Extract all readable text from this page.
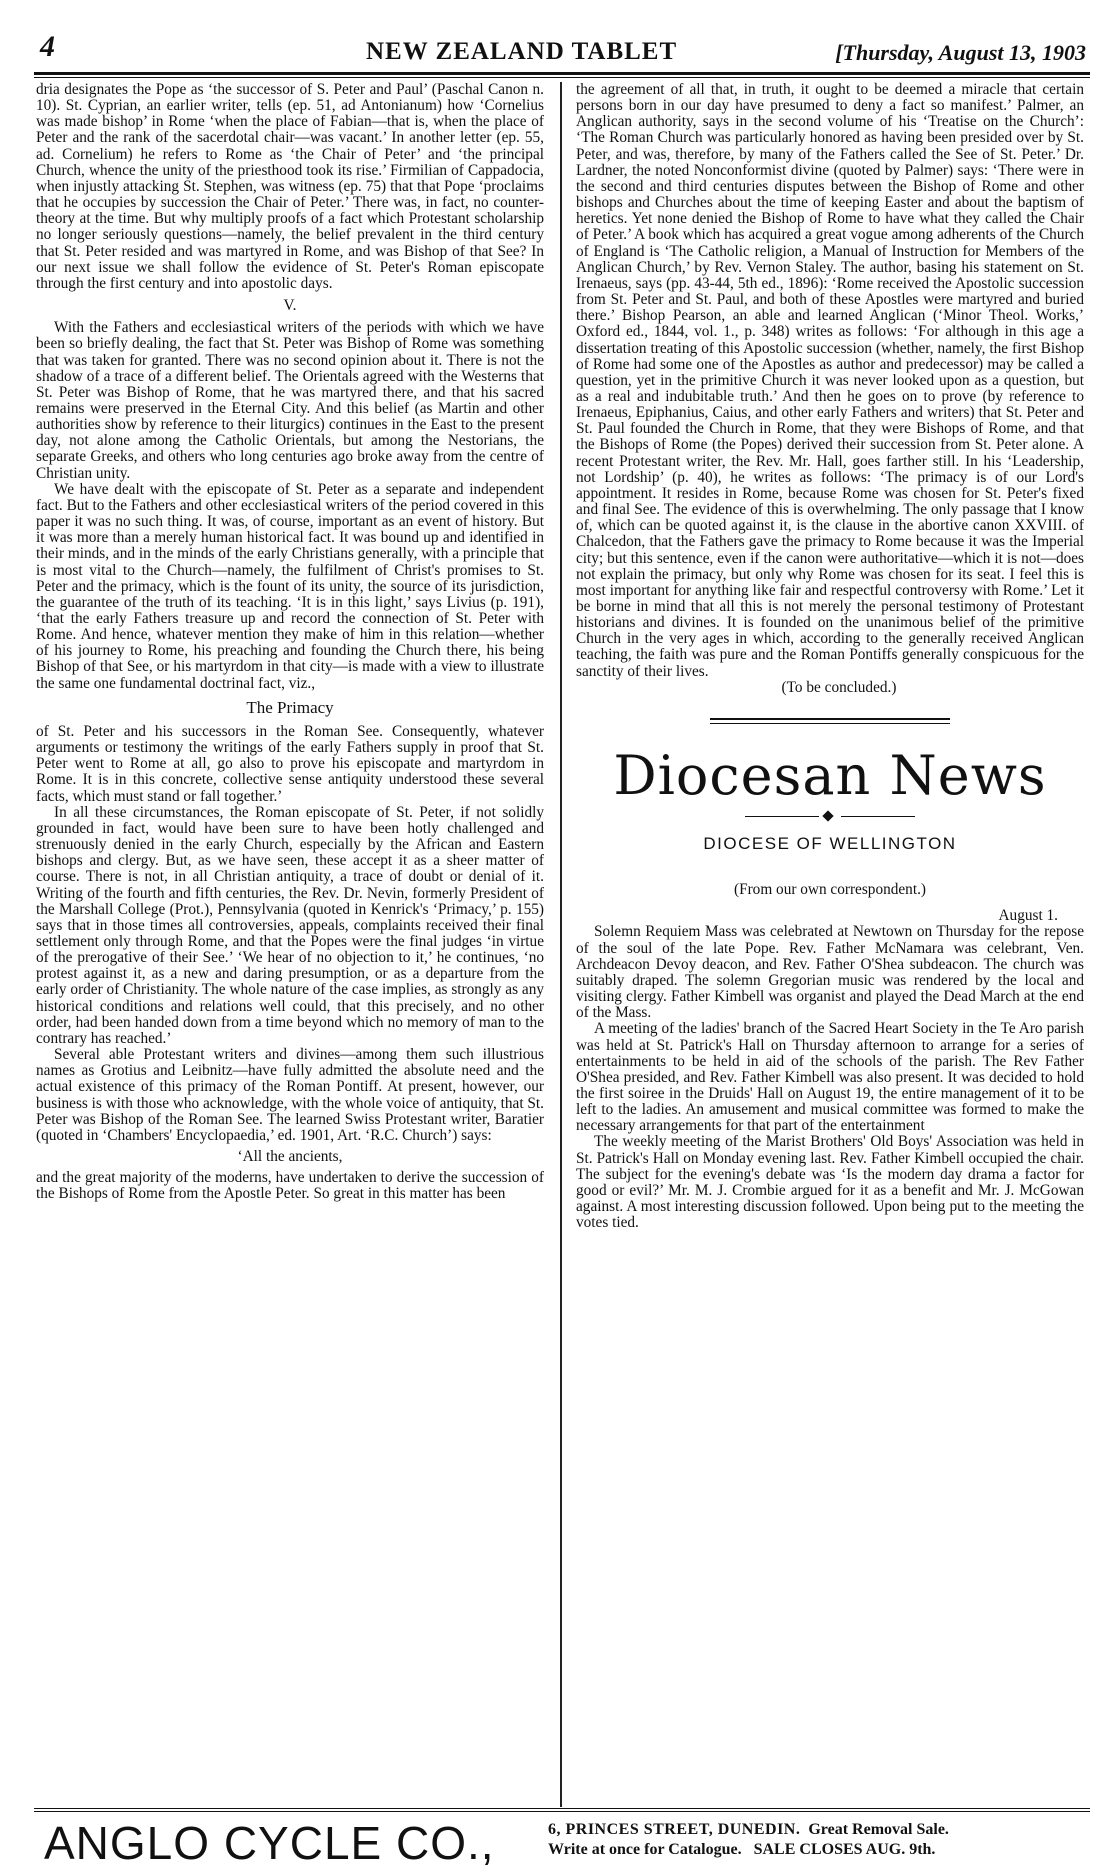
4	NEW ZEALAND TABLET	[Thursday, August 13, 1903

dria designates the Pope as ‘the successor of S. Peter and Paul’ (Paschal Canon n. 10). St. Cyprian, an earlier writer, tells (ep. 51, ad Antonianum) how ‘Cornelius was made bishop’ in Rome ‘when the place of Fabian—that is, when the place of Peter and the rank of the sacerdotal chair—was vacant.’ In another letter (ep. 55, ad. Cornelium) he refers to Rome as ‘the Chair of Peter’ and ‘the principal Church, whence the unity of the priesthood took its rise.’ Firmilian of Cappadocia, when injustly attacking St. Stephen, was witness (ep. 75) that that Pope ‘proclaims that he occupies by succession the Chair of Peter.’ There was, in fact, no counter-theory at the time. But why multiply proofs of a fact which Protestant scholarship no longer seriously questions—namely, the belief prevalent in the third century that St. Peter resided and was martyred in Rome, and was Bishop of that See? In our next issue we shall follow the evidence of St. Peter's Roman episcopate through the first century and into apostolic days.

V.

With the Fathers and ecclesiastical writers of the periods with which we have been so briefly dealing, the fact that St. Peter was Bishop of Rome was something that was taken for granted. There was no second opinion about it. There is not the shadow of a trace of a different belief. The Orientals agreed with the Westerns that St. Peter was Bishop of Rome, that he was martyred there, and that his sacred remains were preserved in the Eternal City. And this belief (as Martin and other authorities show by reference to their liturgics) continues in the East to the present day, not alone among the Catholic Orientals, but among the Nestorians, the separate Greeks, and others who long centuries ago broke away from the centre of Christian unity.

We have dealt with the episcopate of St. Peter as a separate and independent fact. But to the Fathers and other ecclesiastical writers of the period covered in this paper it was no such thing. It was, of course, important as an event of history. But it was more than a merely human historical fact. It was bound up and identified in their minds, and in the minds of the early Christians generally, with a principle that is most vital to the Church—namely, the fulfilment of Christ's promises to St. Peter and the primacy, which is the fount of its unity, the source of its jurisdiction, the guarantee of the truth of its teaching. ‘It is in this light,’ says Livius (p. 191), ‘that the early Fathers treasure up and record the connection of St. Peter with Rome. And hence, whatever mention they make of him in this relation—whether of his journey to Rome, his preaching and founding the Church there, his being Bishop of that See, or his martyrdom in that city—is made with a view to illustrate the same one fundamental doctrinal fact, viz.,

The Primacy

of St. Peter and his successors in the Roman See. Consequently, whatever arguments or testimony the writings of the early Fathers supply in proof that St. Peter went to Rome at all, go also to prove his episcopate and martyrdom in Rome. It is in this concrete, collective sense antiquity understood these several facts, which must stand or fall together.’

In all these circumstances, the Roman episcopate of St. Peter, if not solidly grounded in fact, would have been sure to have been hotly challenged and strenuously denied in the early Church, especially by the African and Eastern bishops and clergy. But, as we have seen, these accept it as a sheer matter of course. There is not, in all Christian antiquity, a trace of doubt or denial of it. Writing of the fourth and fifth centuries, the Rev. Dr. Nevin, formerly President of the Marshall College (Prot.), Pennsylvania (quoted in Kenrick's ‘Primacy,’ p. 155) says that in those times all controversies, appeals, complaints received their final settlement only through Rome, and that the Popes were the final judges ‘in virtue of the prerogative of their See.’ ‘We hear of no objection to it,’ he continues, ‘no protest against it, as a new and daring presumption, or as a departure from the early order of Christianity. The whole nature of the case implies, as strongly as any historical conditions and relations well could, that this precisely, and no other order, had been handed down from a time beyond which no memory of man to the contrary has reached.’

Several able Protestant writers and divines—among them such illustrious names as Grotius and Leibnitz—have fully admitted the absolute need and the actual existence of this primacy of the Roman Pontiff. At present, however, our business is with those who acknowledge, with the whole voice of antiquity, that St. Peter was Bishop of the Roman See. The learned Swiss Protestant writer, Baratier (quoted in ‘Chambers' Encyclopaedia,’ ed. 1901, Art. ‘R.C. Church’) says:

‘All the ancients,

and the great majority of the moderns, have undertaken to derive the succession of the Bishops of Rome from the Apostle Peter. So great in this matter has been

the agreement of all that, in truth, it ought to be deemed a miracle that certain persons born in our day have presumed to deny a fact so manifest.’ Palmer, an Anglican authority, says in the second volume of his ‘Treatise on the Church’: ‘The Roman Church was particularly honored as having been presided over by St. Peter, and was, therefore, by many of the Fathers called the See of St. Peter.’ Dr. Lardner, the noted Nonconformist divine (quoted by Palmer) says: ‘There were in the second and third centuries disputes between the Bishop of Rome and other bishops and Churches about the time of keeping Easter and about the baptism of heretics. Yet none denied the Bishop of Rome to have what they called the Chair of Peter.’ A book which has acquired a great vogue among adherents of the Church of England is ‘The Catholic religion, a Manual of Instruction for Members of the Anglican Church,’ by Rev. Vernon Staley. The author, basing his statement on St. Irenaeus, says (pp. 43-44, 5th ed., 1896): ‘Rome received the Apostolic succession from St. Peter and St. Paul, and both of these Apostles were martyred and buried there.’ Bishop Pearson, an able and learned Anglican (‘Minor Theol. Works,’ Oxford ed., 1844, vol. 1., p. 348) writes as follows: ‘For although in this age a dissertation treating of this Apostolic succession (whether, namely, the first Bishop of Rome had some one of the Apostles as author and predecessor) may be called a question, yet in the primitive Church it was never looked upon as a question, but as a real and indubitable truth.’ And then he goes on to prove (by reference to Irenaeus, Epiphanius, Caius, and other early Fathers and writers) that St. Peter and St. Paul founded the Church in Rome, that they were Bishops of Rome, and that the Bishops of Rome (the Popes) derived their succession from St. Peter alone. A recent Protestant writer, the Rev. Mr. Hall, goes farther still. In his ‘Leadership, not Lordship’ (p. 40), he writes as follows: ‘The primacy is of our Lord's appointment. It resides in Rome, because Rome was chosen for St. Peter's fixed and final See. The evidence of this is overwhelming. The only passage that I know of, which can be quoted against it, is the clause in the abortive canon XXVIII. of Chalcedon, that the Fathers gave the primacy to Rome because it was the Imperial city; but this sentence, even if the canon were authoritative—which it is not—does not explain the primacy, but only why Rome was chosen for its seat. I feel this is most important for anything like fair and respectful controversy with Rome.’ Let it be borne in mind that all this is not merely the personal testimony of Protestant historians and divines. It is founded on the unanimous belief of the primitive Church in the very ages in which, according to the generally received Anglican teaching, the faith was pure and the Roman Pontiffs generally conspicuous for the sanctity of their lives.

(To be concluded.)

Diocesan News
DIOCESE OF WELLINGTON
(From our own correspondent.)
August 1.

Solemn Requiem Mass was celebrated at Newtown on Thursday for the repose of the soul of the late Pope. Rev. Father McNamara was celebrant, Ven. Archdeacon Devoy deacon, and Rev. Father O'Shea subdeacon. The church was suitably draped. The solemn Gregorian music was rendered by the local and visiting clergy. Father Kimbell was organist and played the Dead March at the end of the Mass.

A meeting of the ladies' branch of the Sacred Heart Society in the Te Aro parish was held at St. Patrick's Hall on Thursday afternoon to arrange for a series of entertainments to be held in aid of the schools of the parish. The Rev Father O'Shea presided, and Rev. Father Kimbell was also present. It was decided to hold the first soiree in the Druids' Hall on August 19, the entire management of it to be left to the ladies. An amusement and musical committee was formed to make the necessary arrangements for that part of the entertainment

The weekly meeting of the Marist Brothers' Old Boys' Association was held in St. Patrick's Hall on Monday evening last. Rev. Father Kimbell occupied the chair. The subject for the evening's debate was ‘Is the modern day drama a factor for good or evil?’ Mr. M. J. Crombie argued for it as a benefit and Mr. J. McGowan against. A most interesting discussion followed. Upon being put to the meeting the votes tied.

ANGLO CYCLE CO.,	6, PRINCES STREET, DUNEDIN. Great Removal Sale.
Write at once for Catalogue. SALE CLOSES AUG. 9th.
